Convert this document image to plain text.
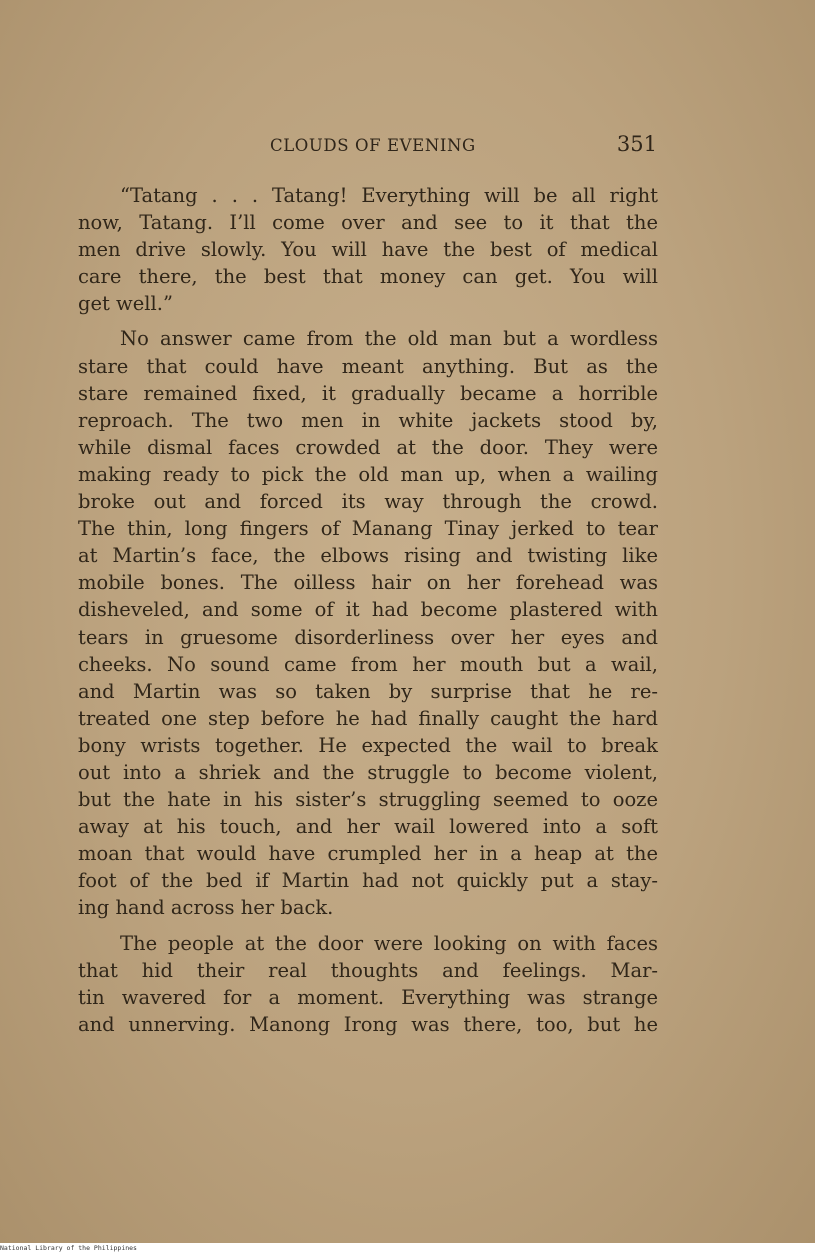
CLOUDS OF EVENING	351
“Tatang . . . Tatang! Everything will be all right
now, Tatang. I’ll come over and see to it that the
men drive slowly. You will have the best of medical
care there, the best that money can get. You will
get well.”
No answer came from the old man but a wordless
stare that could have meant anything. But as the
stare remained fixed, it gradually became a horrible
reproach. The two men in white jackets stood by,
while dismal faces crowded at the door. They were
making ready to pick the old man up, when a wailing
broke out and forced its way through the crowd.
The thin, long fingers of Manang Tinay jerked to tear
at Martin’s face, the elbows rising and twisting like
mobile bones. The oilless hair on her forehead was
disheveled, and some of it had become plastered with
tears in gruesome disorderliness over her eyes and
cheeks. No sound came from her mouth but a wail,
and Martin was so taken by surprise that he re-
treated one step before he had finally caught the hard
bony wrists together. He expected the wail to break
out into a shriek and the struggle to become violent,
but the hate in his sister’s struggling seemed to ooze
away at his touch, and her wail lowered into a soft
moan that would have crumpled her in a heap at the
foot of the bed if Martin had not quickly put a stay-
ing hand across her back.
The people at the door were looking on with faces
that hid their real thoughts and feelings. Mar-
tin wavered for a moment. Everything was strange
and unnerving. Manong Irong was there, too, but he
National Library of the Philippines
